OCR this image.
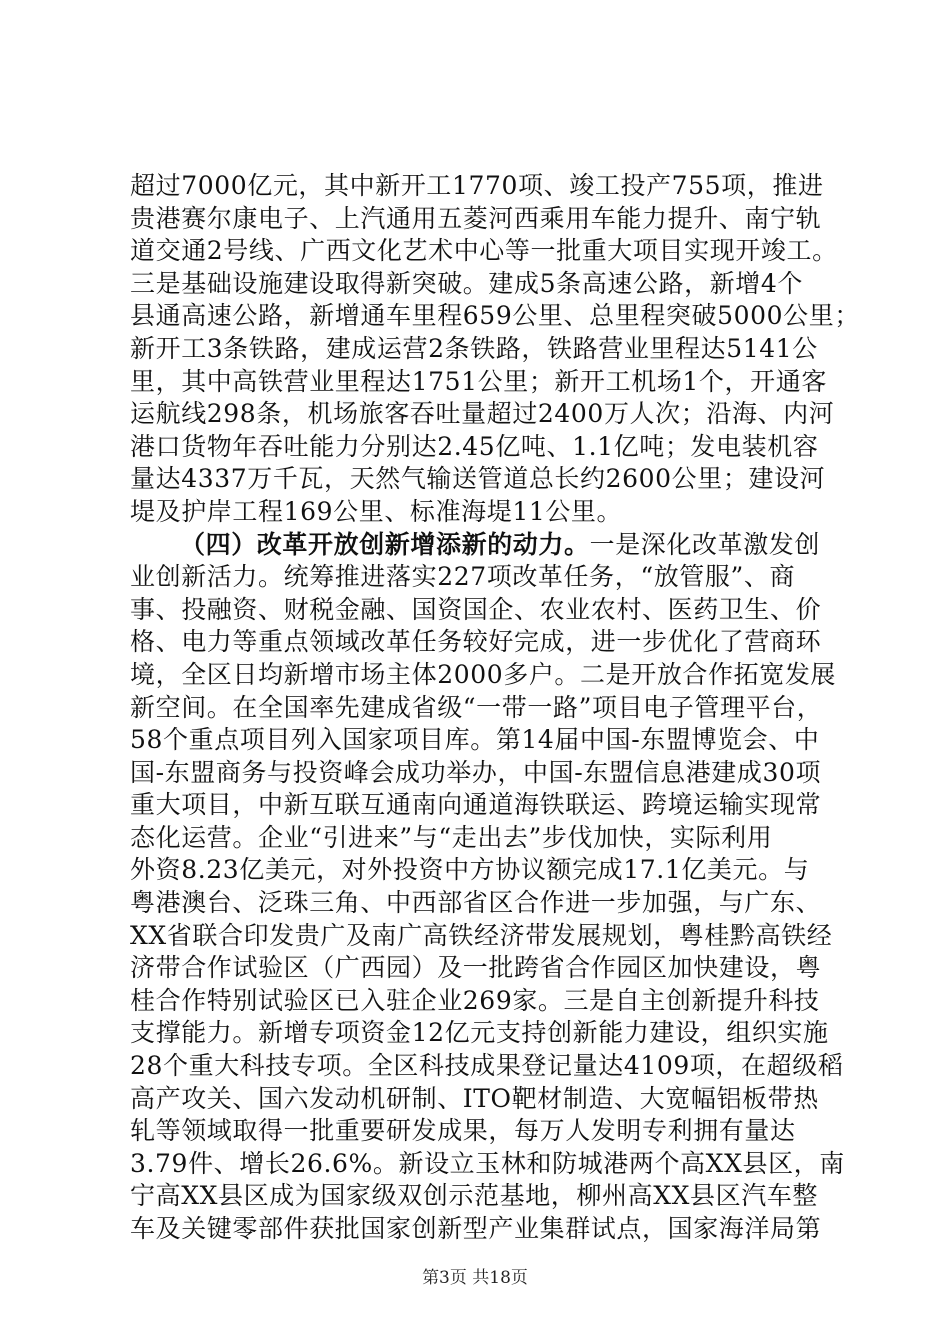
超过7000亿元，其中新开工1770项、竣工投产755项，推进
贵港赛尔康电子、上汽通用五菱河西乘用车能力提升、南宁轨
道交通2号线、广西文化艺术中心等一批重大项目实现开竣工。
三是基础设施建设取得新突破。建成5条高速公路，新增4个
县通高速公路，新增通车里程659公里、总里程突破5000公里；
新开工3条铁路，建成运营2条铁路，铁路营业里程达5141公
里，其中高铁营业里程达1751公里；新开工机场1个，开通客
运航线298条，机场旅客吞吐量超过2400万人次；沿海、内河
港口货物年吞吐能力分别达2.45亿吨、1.1亿吨；发电装机容
量达4337万千瓦，天然气输送管道总长约2600公里；建设河
堤及护岸工程169公里、标准海堤11公里。
（四）改革开放创新增添新的动力。一是深化改革激发创
业创新活力。统筹推进落实227项改革任务，“放管服”、商
事、投融资、财税金融、国资国企、农业农村、医药卫生、价
格、电力等重点领域改革任务较好完成，进一步优化了营商环
境，全区日均新增市场主体2000多户。二是开放合作拓宽发展
新空间。在全国率先建成省级“一带一路”项目电子管理平台，
58个重点项目列入国家项目库。第14届中国-东盟博览会、中
国-东盟商务与投资峰会成功举办，中国-东盟信息港建成30项
重大项目，中新互联互通南向通道海铁联运、跨境运输实现常
态化运营。企业“引进来”与“走出去”步伐加快，实际利用
外资8.23亿美元，对外投资中方协议额完成17.1亿美元。与
粤港澳台、泛珠三角、中西部省区合作进一步加强，与广东、
XX省联合印发贵广及南广高铁经济带发展规划，粤桂黔高铁经
济带合作试验区（广西园）及一批跨省合作园区加快建设，粤
桂合作特别试验区已入驻企业269家。三是自主创新提升科技
支撑能力。新增专项资金12亿元支持创新能力建设，组织实施
28个重大科技专项。全区科技成果登记量达4109项，在超级稻
高产攻关、国六发动机研制、ITO靶材制造、大宽幅铝板带热
轧等领域取得一批重要研发成果，每万人发明专利拥有量达
3.79件、增长26.6%。新设立玉林和防城港两个高XX县区，南
宁高XX县区成为国家级双创示范基地，柳州高XX县区汽车整
车及关键零部件获批国家创新型产业集群试点，国家海洋局第
第3页 共18页
